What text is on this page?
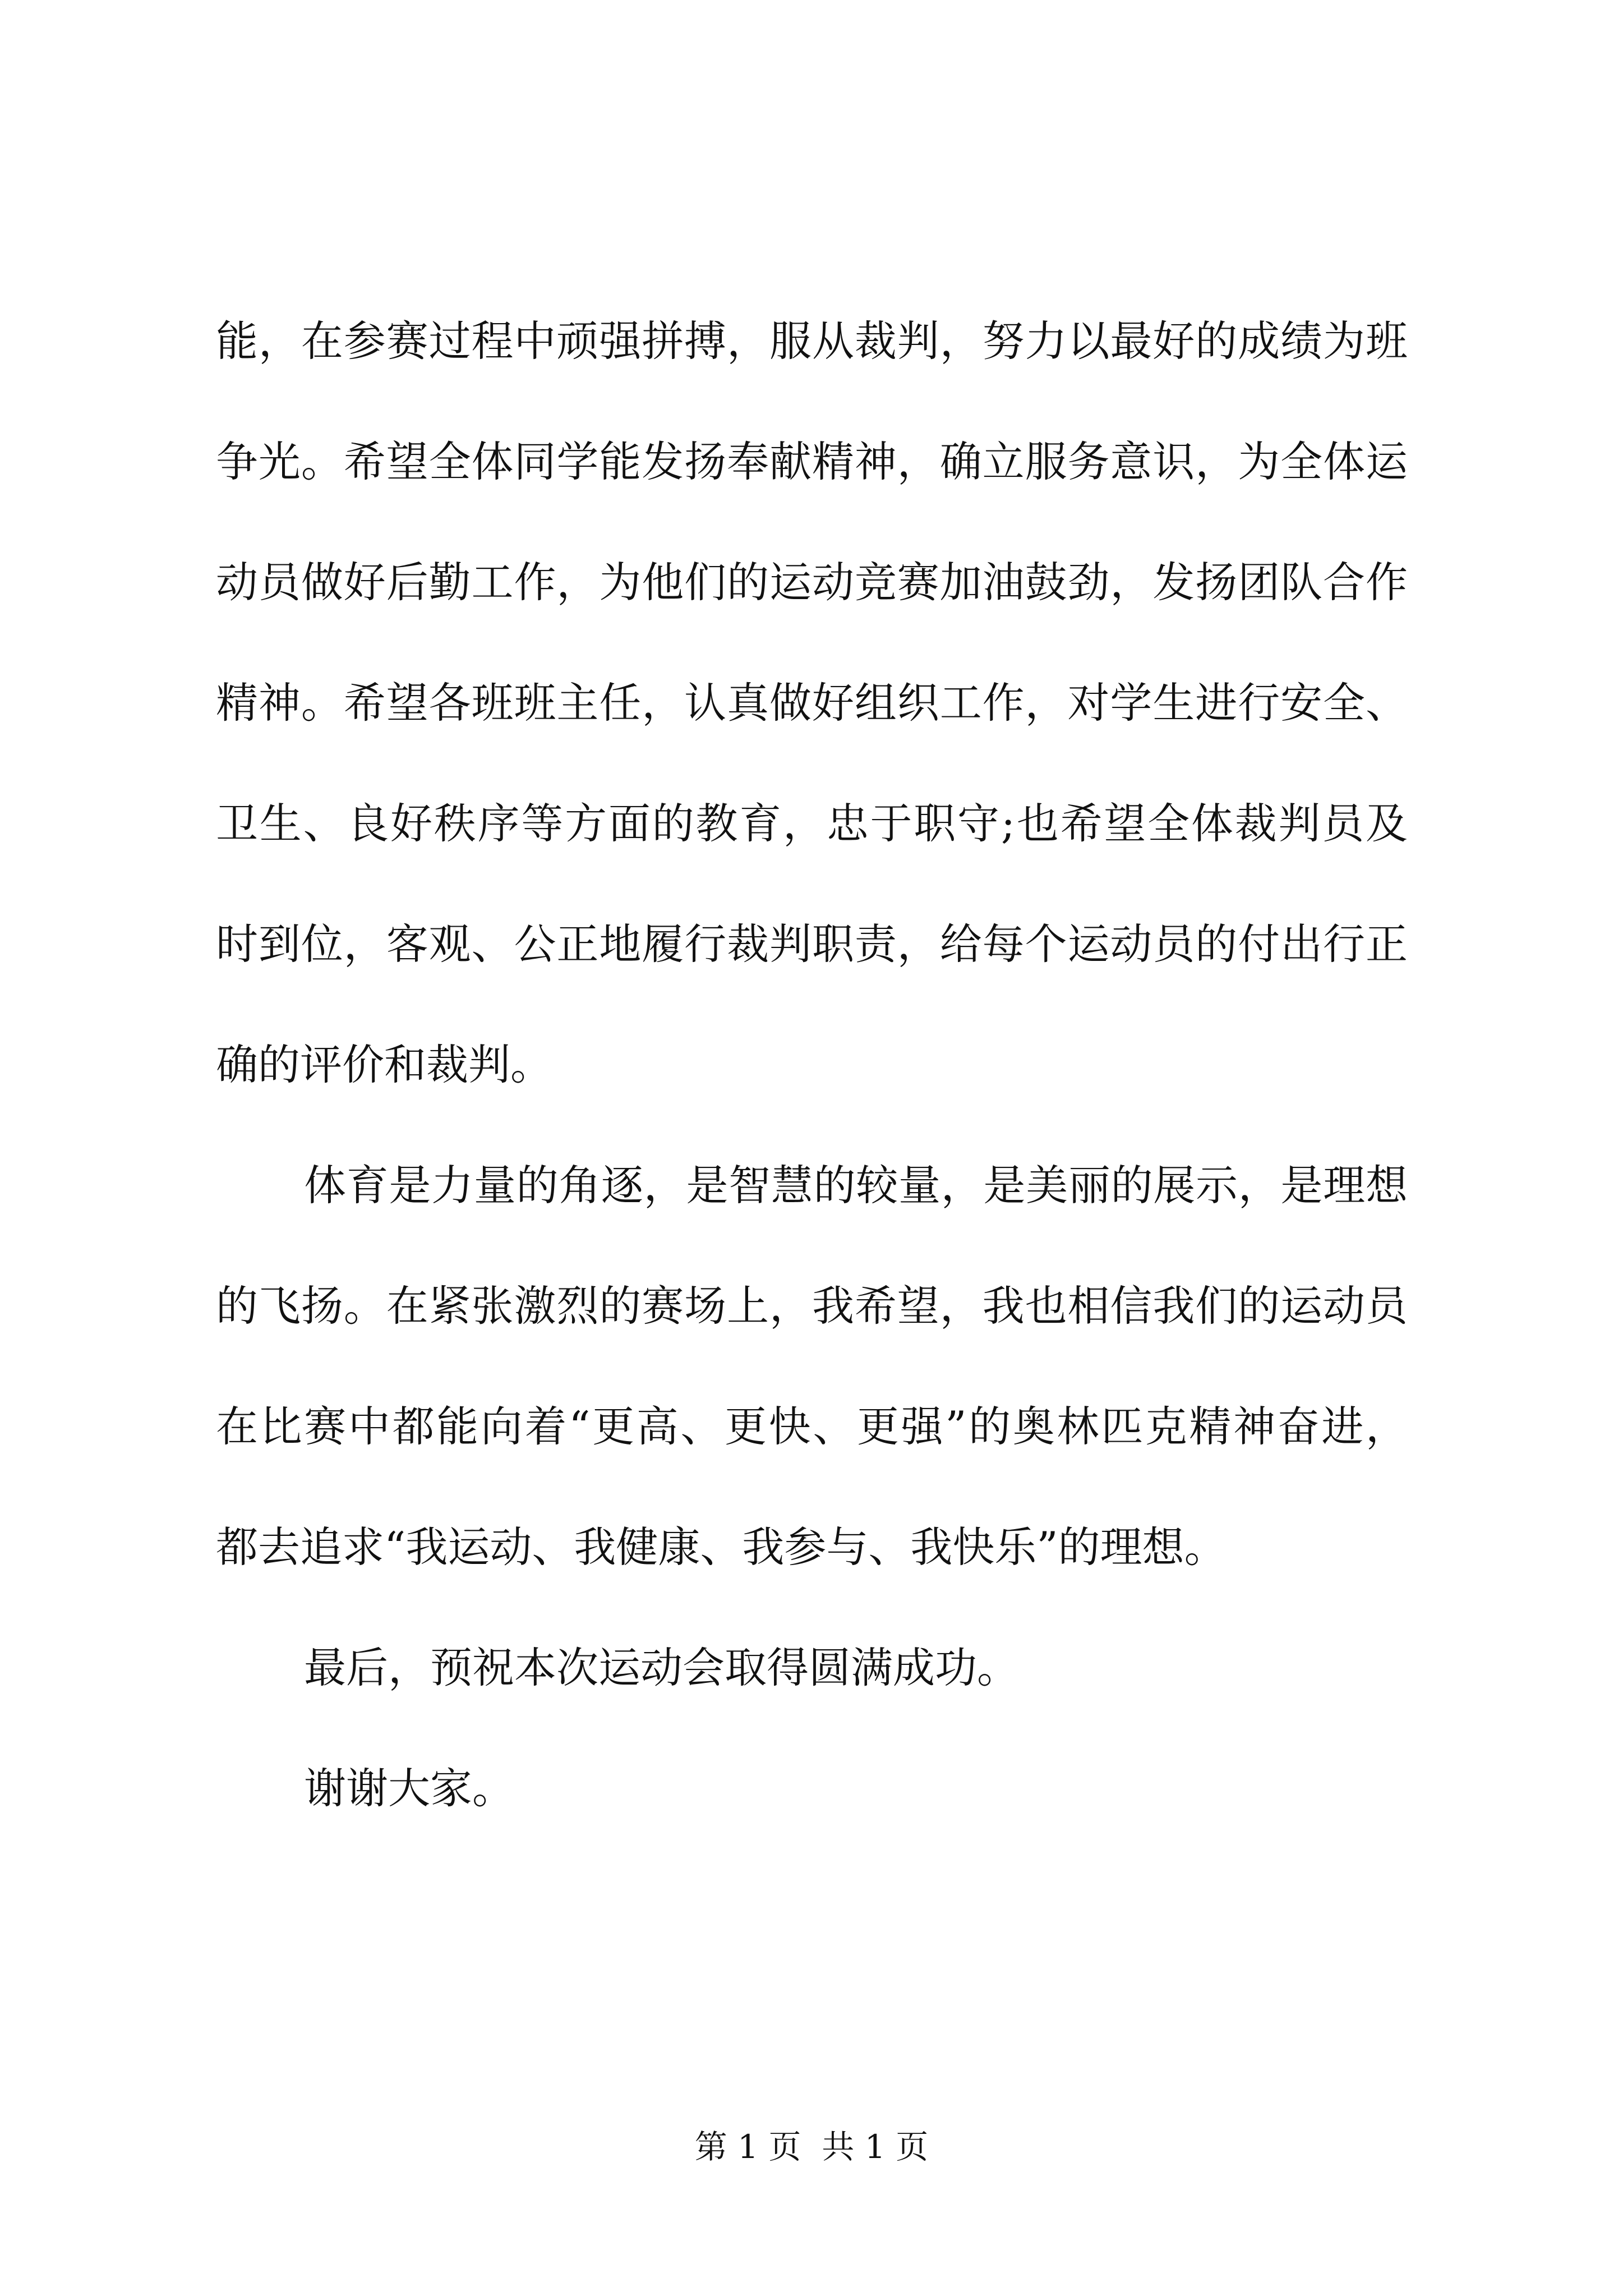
能，在参赛过程中顽强拼搏，服从裁判，努力以最好的成绩为班
争光。希望全体同学能发扬奉献精神，确立服务意识，为全体运
动员做好后勤工作，为他们的运动竞赛加油鼓劲，发扬团队合作
精神。希望各班班主任，认真做好组织工作，对学生进行安全、
卫生、良好秩序等方面的教育，忠于职守;也希望全体裁判员及
时到位，客观、公正地履行裁判职责，给每个运动员的付出行正
确的评价和裁判。
体育是力量的角逐，是智慧的较量，是美丽的展示，是理想
的飞扬。在紧张激烈的赛场上，我希望，我也相信我们的运动员
在比赛中都能向着“更高、更快、更强”的奥林匹克精神奋进，
都去追求“我运动、我健康、我参与、我快乐”的理想。
最后，预祝本次运动会取得圆满成功。
谢谢大家。
第 1 页  共 1 页
